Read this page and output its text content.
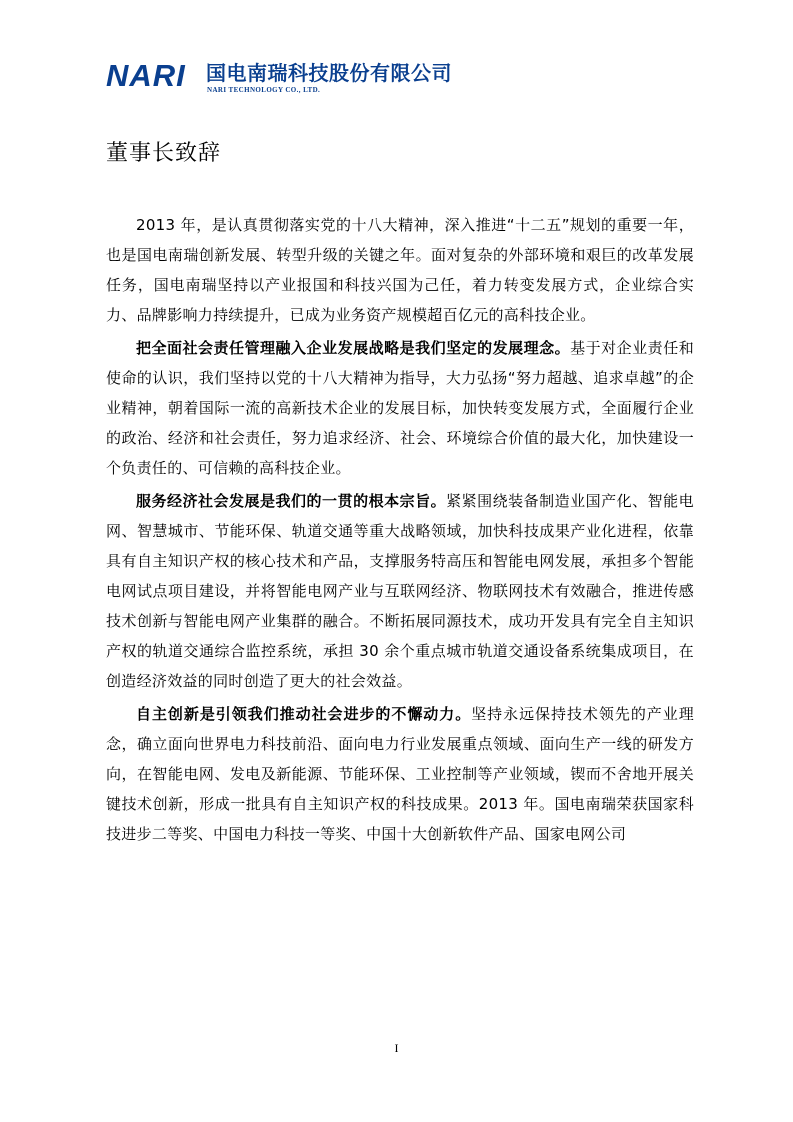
NARI 国电南瑞科技股份有限公司
NARI TECHNOLOGY CO., LTD.
董事长致辞

2013 年，是认真贯彻落实党的十八大精神，深入推进“十二五”规划的重要一年，也是国电南瑞创新发展、转型升级的关键之年。面对复杂的外部环境和艰巨的改革发展任务，国电南瑞坚持以产业报国和科技兴国为己任，着力转变发展方式，企业综合实力、品牌影响力持续提升，已成为业务资产规模超百亿元的高科技企业。

把全面社会责任管理融入企业发展战略是我们坚定的发展理念。基于对企业责任和使命的认识，我们坚持以党的十八大精神为指导，大力弘扬“努力超越、追求卓越”的企业精神，朝着国际一流的高新技术企业的发展目标，加快转变发展方式，全面履行企业的政治、经济和社会责任，努力追求经济、社会、环境综合价值的最大化，加快建设一个负责任的、可信赖的高科技企业。

服务经济社会发展是我们的一贯的根本宗旨。紧紧围绕装备制造业国产化、智能电网、智慧城市、节能环保、轨道交通等重大战略领域，加快科技成果产业化进程，依靠具有自主知识产权的核心技术和产品，支撑服务特高压和智能电网发展，承担多个智能电网试点项目建设，并将智能电网产业与互联网经济、物联网技术有效融合，推进传感技术创新与智能电网产业集群的融合。不断拓展同源技术，成功开发具有完全自主知识产权的轨道交通综合监控系统，承担 30 余个重点城市轨道交通设备系统集成项目，在创造经济效益的同时创造了更大的社会效益。

自主创新是引领我们推动社会进步的不懈动力。坚持永远保持技术领先的产业理念，确立面向世界电力科技前沿、面向电力行业发展重点领域、面向生产一线的研发方向，在智能电网、发电及新能源、节能环保、工业控制等产业领域，锲而不舍地开展关键技术创新，形成一批具有自主知识产权的科技成果。2013 年。国电南瑞荣获国家科技进步二等奖、中国电力科技一等奖、中国十大创新软件产品、国家电网公司

I
